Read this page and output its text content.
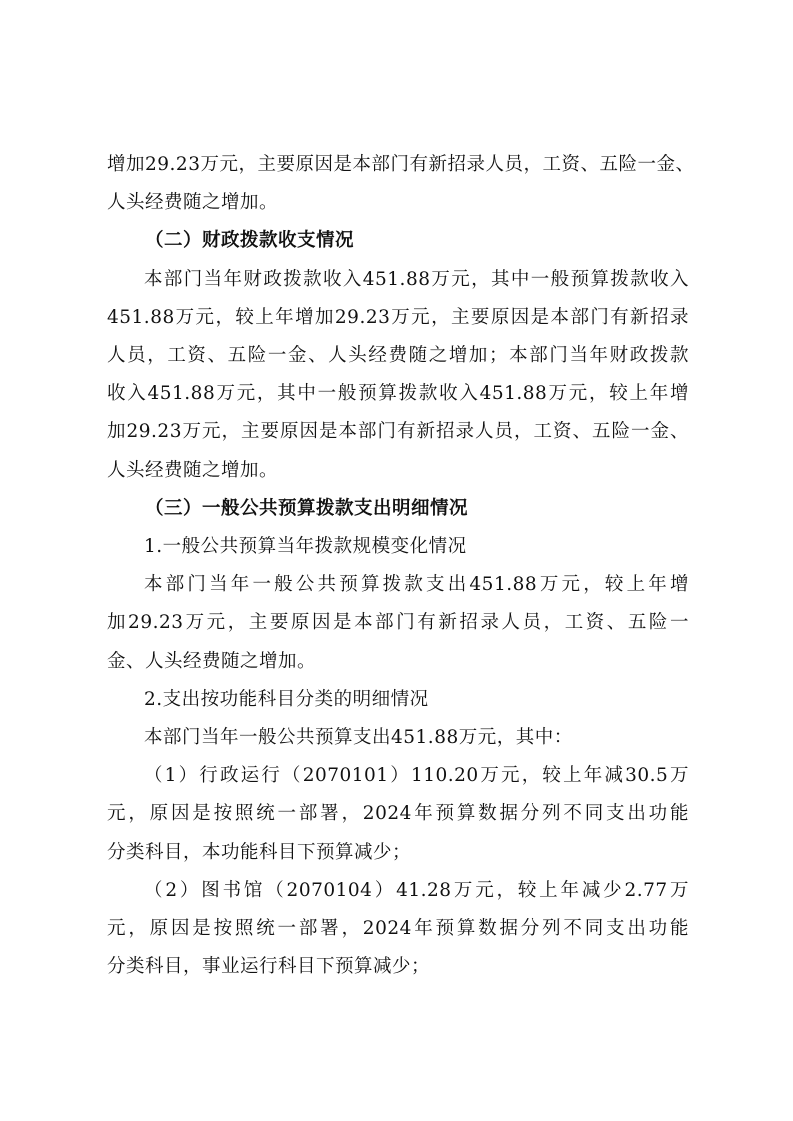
增加29.23万元，主要原因是本部门有新招录人员，工资、五险一金、
人头经费随之增加。
（二）财政拨款收支情况
本部门当年财政拨款收入451.88万元，其中一般预算拨款收入
451.88万元，较上年增加29.23万元，主要原因是本部门有新招录
人员，工资、五险一金、人头经费随之增加；本部门当年财政拨款
收入451.88万元，其中一般预算拨款收入451.88万元，较上年增
加29.23万元，主要原因是本部门有新招录人员，工资、五险一金、
人头经费随之增加。
（三）一般公共预算拨款支出明细情况
1.一般公共预算当年拨款规模变化情况
本部门当年一般公共预算拨款支出451.88万元，较上年增
加29.23万元，主要原因是本部门有新招录人员，工资、五险一
金、人头经费随之增加。
2.支出按功能科目分类的明细情况
本部门当年一般公共预算支出451.88万元，其中：
（1）行政运行（2070101）110.20万元，较上年减30.5万
元，原因是按照统一部署，2024年预算数据分列不同支出功能
分类科目，本功能科目下预算减少；
（2）图书馆（2070104）41.28万元，较上年减少2.77万
元，原因是按照统一部署，2024年预算数据分列不同支出功能
分类科目，事业运行科目下预算减少；
